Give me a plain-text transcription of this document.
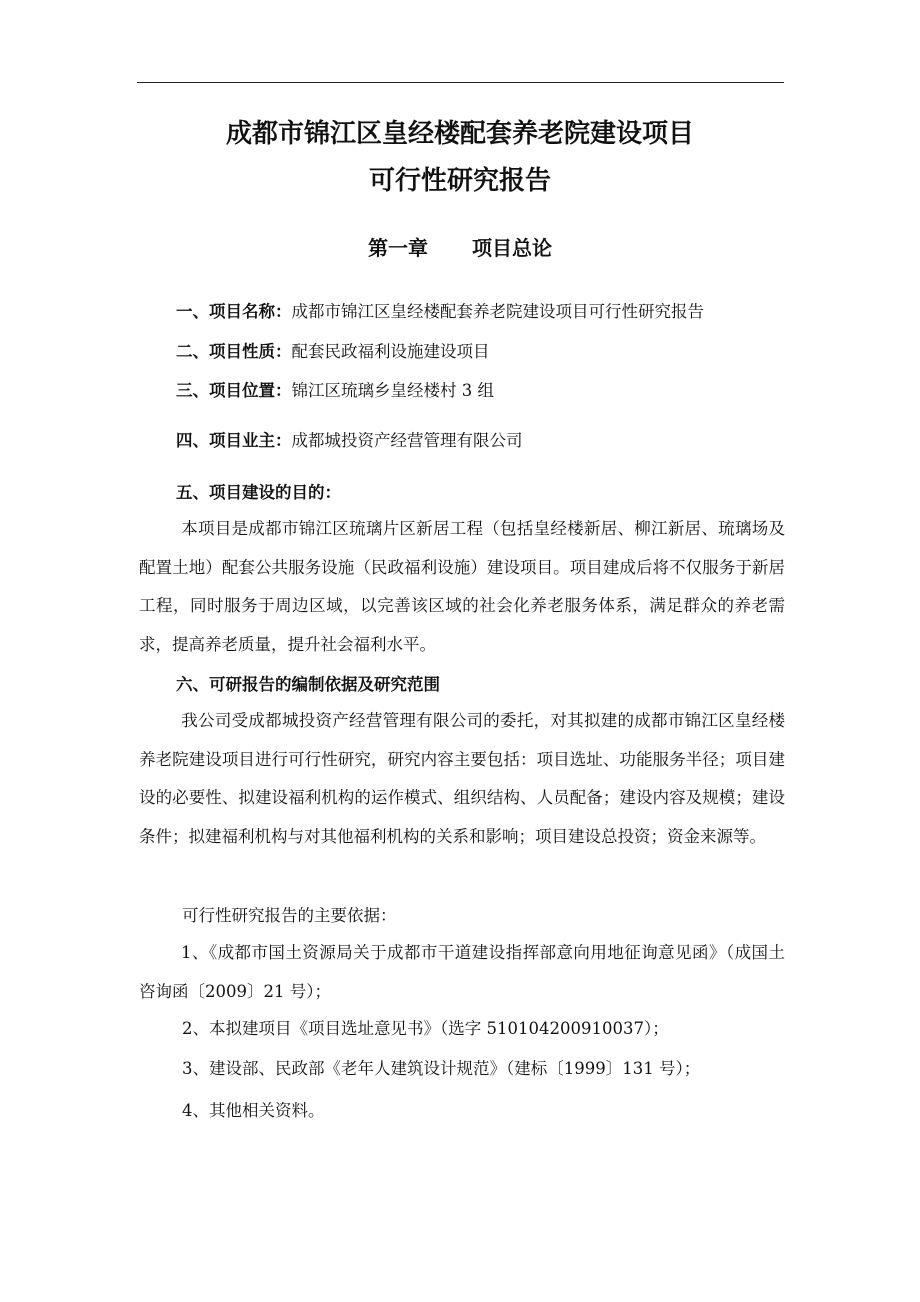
成都市锦江区皇经楼配套养老院建设项目
可行性研究报告
第一章 项目总论
一、项目名称：成都市锦江区皇经楼配套养老院建设项目可行性研究报告
二、项目性质：配套民政福利设施建设项目
三、项目位置：锦江区琉璃乡皇经楼村 3 组
四、项目业主：成都城投资产经营管理有限公司
五、项目建设的目的：
本项目是成都市锦江区琉璃片区新居工程（包括皇经楼新居、柳江新居、琉璃场及配置土地）配套公共服务设施（民政福利设施）建设项目。项目建成后将不仅服务于新居工程，同时服务于周边区域，以完善该区域的社会化养老服务体系，满足群众的养老需求，提高养老质量，提升社会福利水平。
六、可研报告的编制依据及研究范围
我公司受成都城投资产经营管理有限公司的委托，对其拟建的成都市锦江区皇经楼养老院建设项目进行可行性研究，研究内容主要包括：项目选址、功能服务半径；项目建设的必要性、拟建设福利机构的运作模式、组织结构、人员配备；建设内容及规模；建设条件；拟建福利机构与对其他福利机构的关系和影响；项目建设总投资；资金来源等。
可行性研究报告的主要依据：
1、《成都市国土资源局关于成都市干道建设指挥部意向用地征询意见函》（成国土咨询函〔2009〕21 号）；
2、本拟建项目《项目选址意见书》（选字 510104200910037）；
3、建设部、民政部《老年人建筑设计规范》（建标〔1999〕131 号）；
4、其他相关资料。
